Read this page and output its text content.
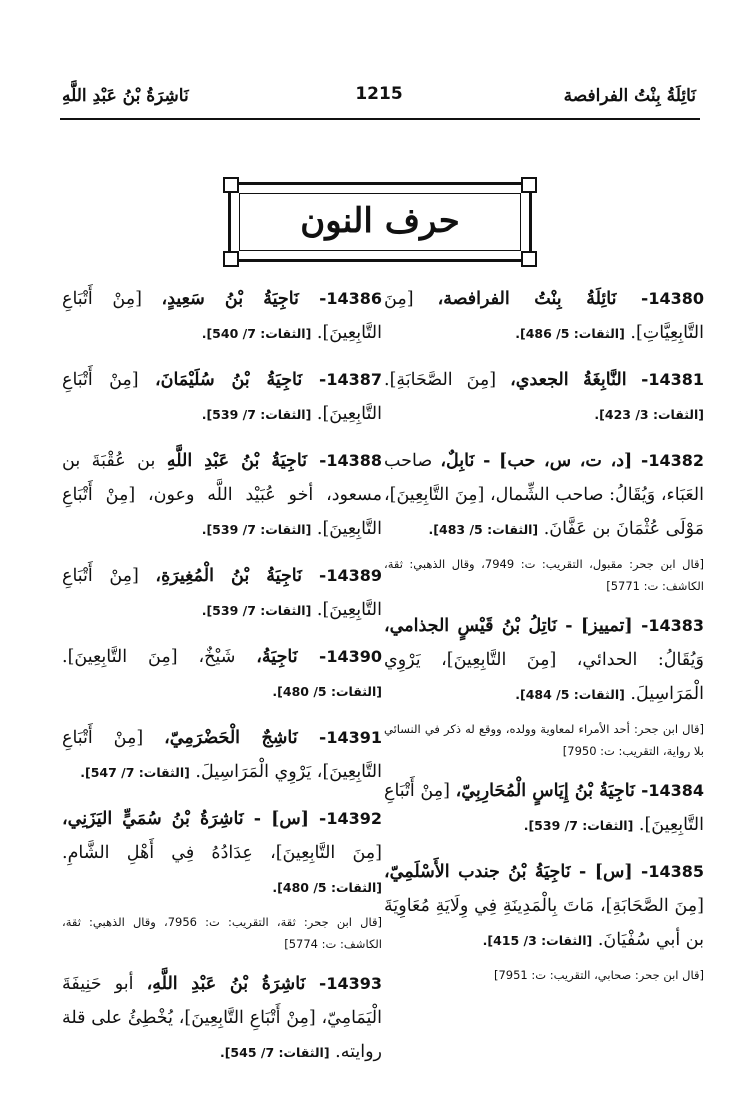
نَاشِرَةُ بْنُ عَبْدِ اللَّهِ	1215	نَائِلَةُ بِنْتُ الفرافصة
حرف النون
14380- نَائِلَةُ بِنْتُ الفرافصة، [مِنَ التَّابِعِيَّاتِ]. [الثقات: 5/ 486].
14381- النَّابِغَةُ الجعدي، [مِنَ الصَّحَابَةِ]. [الثقات: 3/ 423].
14382- [د، ت، س، حب] - نَابِلٌ، صاحب العَبَاء، وَيُقَالُ: صاحب الشِّمال، [مِنَ التَّابِعِينَ]، مَوْلَى عُثْمَانَ بن عَفَّانَ. [الثقات: 5/ 483].
[قال ابن جحر: مقبول، التقريب: ت: 7949، وقال الذهبي: ثقة، الكاشف: ت: 5771]
14383- [تمييز] - نَاتِلُ بْنُ قَيْسٍ الجذامي، وَيُقَالُ: الحدائي، [مِنَ التَّابِعِينَ]، يَرْوِي الْمَرَاسِيلَ. [الثقات: 5/ 484].
[قال ابن جحر: أحد الأمراء لمعاوية وولده، ووقع له ذكر في النسائي بلا رواية، التقريب: ت: 7950]
14384- نَاجِيَةُ بْنُ إِيَاسٍ الْمُحَارِبِيّ، [مِنْ أَتْبَاعِ التَّابِعِينَ]. [الثقات: 7/ 539].
14385- [س] - نَاجِيَةُ بْنُ جندب الأَسْلَمِيّ، [مِنَ الصَّحَابَةِ]، مَاتَ بِالْمَدِينَةِ فِي وِلَايَةِ مُعَاوِيَةَ بن أبي سُفْيَانَ. [الثقات: 3/ 415].
[قال ابن جحر: صحابي، التقريب: ت: 7951]
14386- نَاجِيَةُ بْنُ سَعِيدٍ، [مِنْ أَتْبَاعِ التَّابِعِينَ]. [الثقات: 7/ 540].
14387- نَاجِيَةُ بْنُ سُلَيْمَانَ، [مِنْ أَتْبَاعِ التَّابِعِينَ]. [الثقات: 7/ 539].
14388- نَاجِيَةُ بْنُ عَبْدِ اللَّهِ بن عُقْبَةَ بن مسعود، أخو عُبَيْد اللَّه وعون، [مِنْ أَتْبَاعِ التَّابِعِينَ]. [الثقات: 7/ 539].
14389- نَاجِيَةُ بْنُ الْمُغِيرَةِ، [مِنْ أَتْبَاعِ التَّابِعِينَ]. [الثقات: 7/ 539].
14390- نَاجِيَةُ، شَيْخٌ، [مِنَ التَّابِعِينَ]. [الثقات: 5/ 480].
14391- نَاشِجٌ الْحَضْرَمِيّ، [مِنْ أَتْبَاعِ التَّابِعِينَ]، يَرْوِي الْمَرَاسِيلَ. [الثقات: 7/ 547].
14392- [س] - نَاشِرَةُ بْنُ سُمَيٍّ اليَزَنِي، [مِنَ التَّابِعِينَ]، عِدَادُهُ فِي أَهْلِ الشَّامِ. [الثقات: 5/ 480].
[قال ابن جحر: ثقة، التقريب: ت: 7956، وقال الذهبي: ثقة، الكاشف: ت: 5774]
14393- نَاشِرَةُ بْنُ عَبْدِ اللَّهِ، أبو حَنِيفَةَ الْيَمَامِيّ، [مِنْ أَتْبَاعِ التَّابِعِينَ]، يُخْطِئُ على قلة روايته. [الثقات: 7/ 545].
